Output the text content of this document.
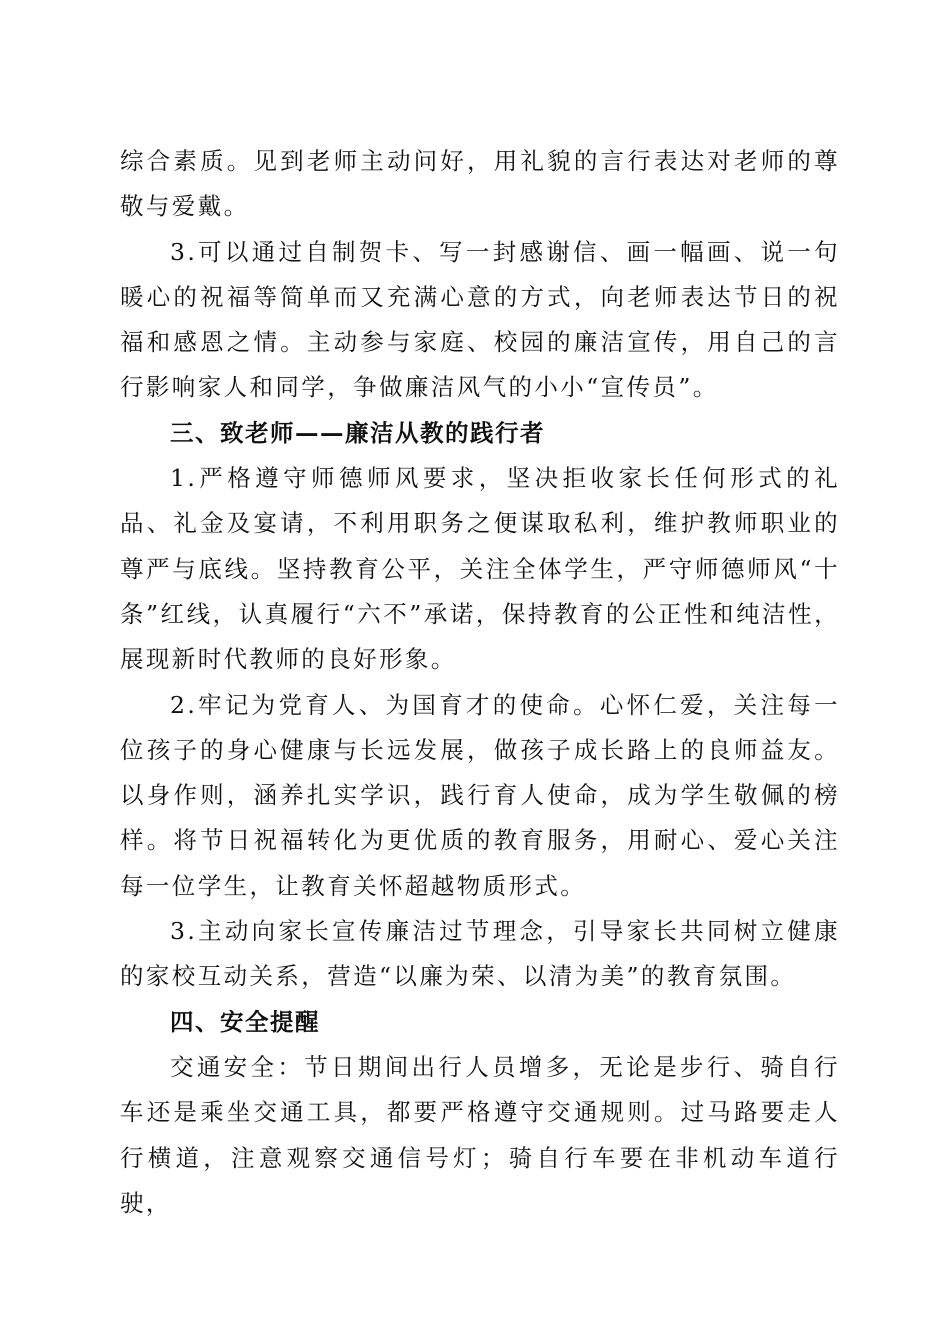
综合素质。见到老师主动问好，用礼貌的言行表达对老师的尊敬与爱戴。

3.可以通过自制贺卡、写一封感谢信、画一幅画、说一句暖心的祝福等简单而又充满心意的方式，向老师表达节日的祝福和感恩之情。主动参与家庭、校园的廉洁宣传，用自己的言行影响家人和同学，争做廉洁风气的小小“宣传员”。

三、致老师——廉洁从教的践行者

1.严格遵守师德师风要求，坚决拒收家长任何形式的礼品、礼金及宴请，不利用职务之便谋取私利，维护教师职业的尊严与底线。坚持教育公平，关注全体学生，严守师德师风“十条”红线，认真履行“六不”承诺，保持教育的公正性和纯洁性，展现新时代教师的良好形象。

2.牢记为党育人、为国育才的使命。心怀仁爱，关注每一位孩子的身心健康与长远发展，做孩子成长路上的良师益友。以身作则，涵养扎实学识，践行育人使命，成为学生敬佩的榜样。将节日祝福转化为更优质的教育服务，用耐心、爱心关注每一位学生，让教育关怀超越物质形式。

3.主动向家长宣传廉洁过节理念，引导家长共同树立健康的家校互动关系，营造“以廉为荣、以清为美”的教育氛围。

四、安全提醒

交通安全：节日期间出行人员增多，无论是步行、骑自行车还是乘坐交通工具，都要严格遵守交通规则。过马路要走人行横道，注意观察交通信号灯；骑自行车要在非机动车道行驶，
